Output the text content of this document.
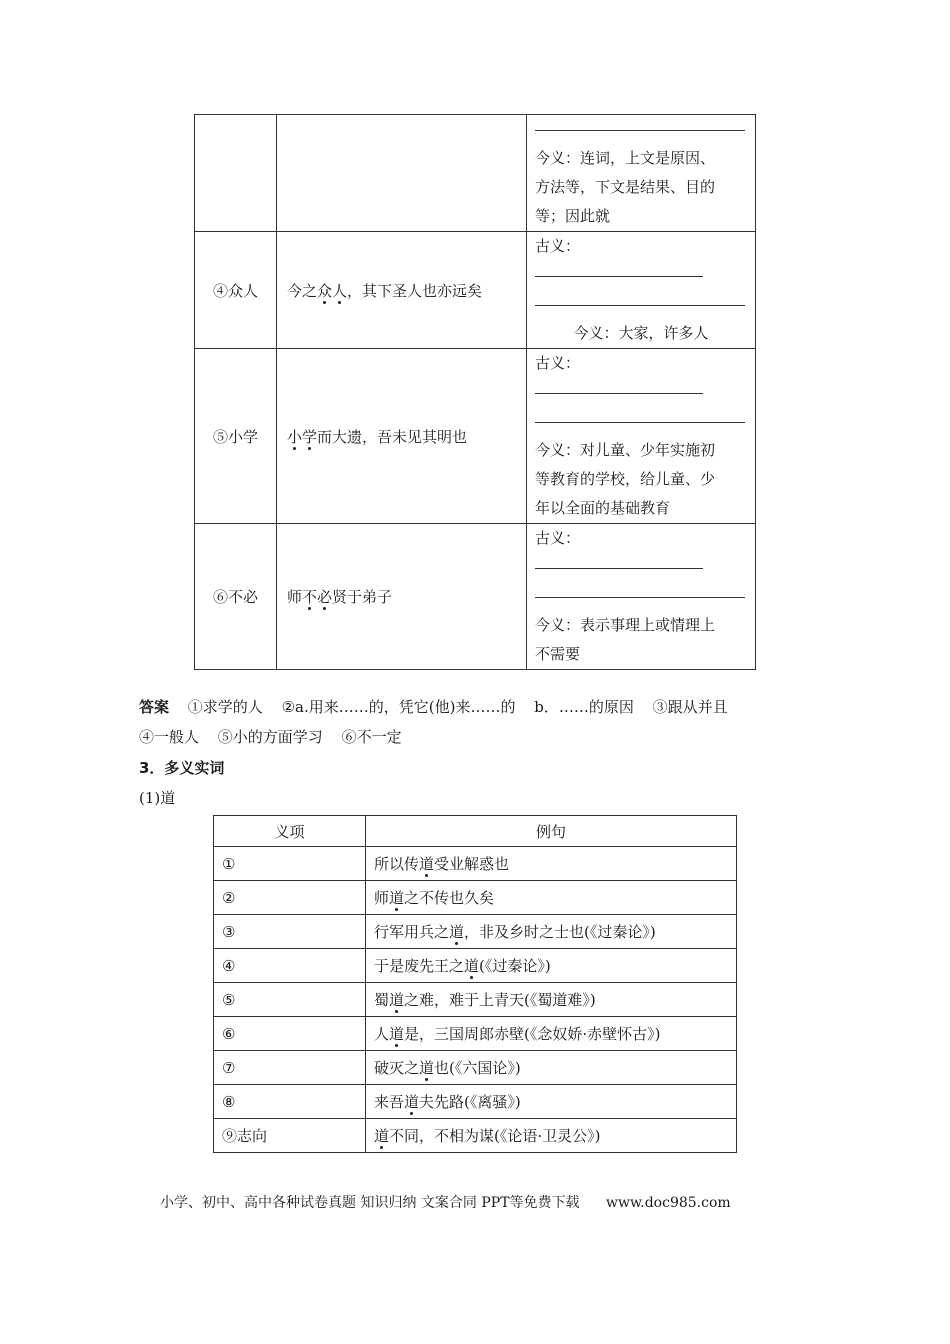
		今义：连词，上文是原因、
方法等，下文是结果、目的
等；因此就

④众人	今之众人，其下圣人也亦远矣	古义：
今义：大家，许多人

⑤小学	小学而大遗，吾未见其明也	古义：
今义：对儿童、少年实施初
等教育的学校，给儿童、少
年以全面的基础教育

⑥不必	师不必贤于弟子	古义：
今义：表示事理上或情理上
不需要
答案 ①求学的人 ②a.用来……的，凭它(他)来……的 b．……的原因 ③跟从并且
④一般人 ⑤小的方面学习 ⑥不一定
3．多义实词
(1)道
义项	例句
①	所以传道受业解惑也
②	师道之不传也久矣
③	行军用兵之道，非及乡时之士也(《过秦论》)
④	于是废先王之道(《过秦论》)
⑤	蜀道之难，难于上青天(《蜀道难》)
⑥	人道是，三国周郎赤壁(《念奴娇·赤壁怀古》)
⑦	破灭之道也(《六国论》)
⑧	来吾道夫先路(《离骚》)
⑨志向	道不同，不相为谋(《论语·卫灵公》)
小学、初中、高中各种试卷真题 知识归纳 文案合同 PPT等免费下载 www.doc985.com
